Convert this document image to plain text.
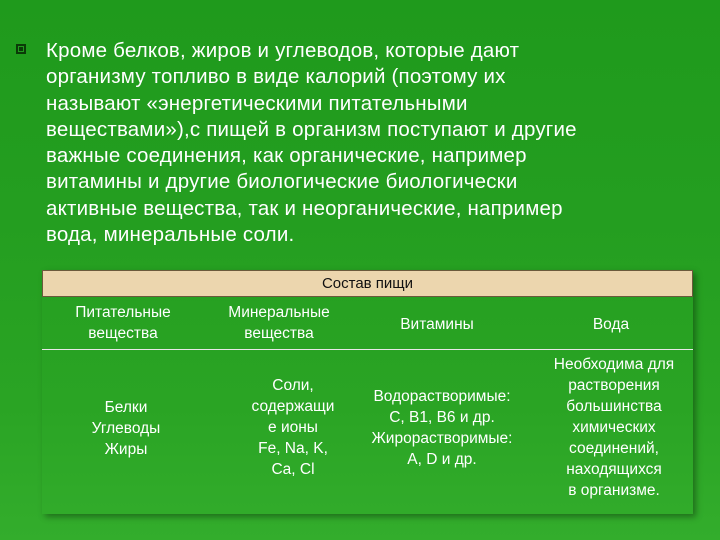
Кроме белков, жиров и углеводов, которые дают
организму топливо в виде калорий (поэтому их
называют «энергетическими питательными
веществами»),с пищей в организм поступают и другие
важные соединения, как органические, например
витамины и другие биологические биологически
активные вещества, так и неорганические, например
вода, минеральные соли.
Состав пищи
Питательные
вещества
Минеральные
вещества
Витамины	Вода
Белки
Углеводы
Жиры
Соли,
содержащи
е ионы
Fe, Na, K,
Ca, Cl
Водорастворимые:
C, B1, B6 и др.
Жирорастворимые:
A, D и др.
Необходима для
растворения
большинства
химических
соединений,
находящихся
в организме.
